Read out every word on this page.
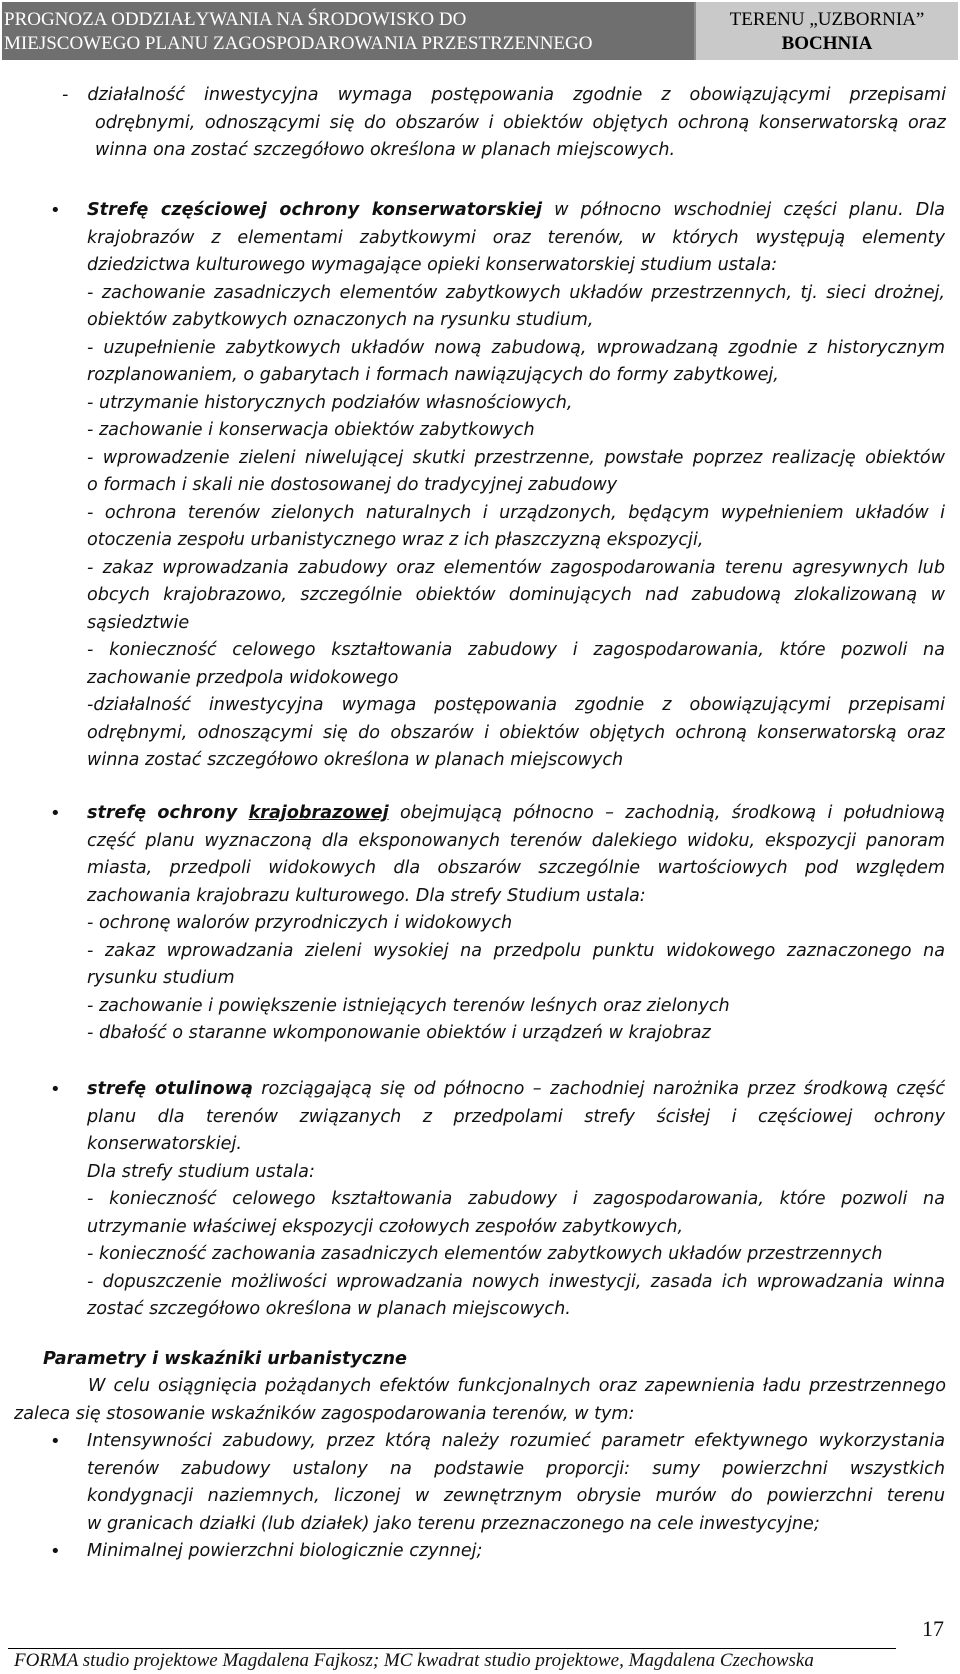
PROGNOZA ODDZIAŁYWANIA NA ŚRODOWISKO DO
MIEJSCOWEGO PLANU ZAGOSPODAROWANIA PRZESTRZENNEGO
TERENU „UZBORNIA”
BOCHNIA
- działalność inwestycyjna wymaga postępowania zgodnie z obowiązującymi przepisami
odrębnymi, odnoszącymi się do obszarów i obiektów objętych ochroną konserwatorską oraz
winna ona zostać szczegółowo określona w planach miejscowych.
• Strefę częściowej ochrony konserwatorskiej w północno wschodniej części planu. Dla
krajobrazów z elementami zabytkowymi oraz terenów, w których występują elementy
dziedzictwa kulturowego wymagające opieki konserwatorskiej studium ustala:
- zachowanie zasadniczych elementów zabytkowych układów przestrzennych, tj. sieci drożnej,
obiektów zabytkowych oznaczonych na rysunku studium,
- uzupełnienie zabytkowych układów nową zabudową, wprowadzaną zgodnie z historycznym
rozplanowaniem, o gabarytach i formach nawiązujących do formy zabytkowej,
- utrzymanie historycznych podziałów własnościowych,
- zachowanie i konserwacja obiektów zabytkowych
- wprowadzenie zieleni niwelującej skutki przestrzenne, powstałe poprzez realizację obiektów
o formach i skali nie dostosowanej do tradycyjnej zabudowy
- ochrona terenów zielonych naturalnych i urządzonych, będącym wypełnieniem układów i
otoczenia zespołu urbanistycznego wraz z ich płaszczyzną ekspozycji,
- zakaz wprowadzania zabudowy oraz elementów zagospodarowania terenu agresywnych lub
obcych krajobrazowo, szczególnie obiektów dominujących nad zabudową zlokalizowaną w
sąsiedztwie
- konieczność celowego kształtowania zabudowy i zagospodarowania, które pozwoli na
zachowanie przedpola widokowego
-działalność inwestycyjna wymaga postępowania zgodnie z obowiązującymi przepisami
odrębnymi, odnoszącymi się do obszarów i obiektów objętych ochroną konserwatorską oraz
winna zostać szczegółowo określona w planach miejscowych
• strefę ochrony krajobrazowej obejmującą północno – zachodnią, środkową i południową
część planu wyznaczoną dla eksponowanych terenów dalekiego widoku, ekspozycji panoram
miasta, przedpoli widokowych dla obszarów szczególnie wartościowych pod względem
zachowania krajobrazu kulturowego. Dla strefy Studium ustala:
- ochronę walorów przyrodniczych i widokowych
- zakaz wprowadzania zieleni wysokiej na przedpolu punktu widokowego zaznaczonego na
rysunku studium
- zachowanie i powiększenie istniejących terenów leśnych oraz zielonych
- dbałość o staranne wkomponowanie obiektów i urządzeń w krajobraz
• strefę otulinową rozciągającą się od północno – zachodniej narożnika przez środkową część
planu dla terenów związanych z przedpolami strefy ścisłej i częściowej ochrony
konserwatorskiej.
Dla strefy studium ustala:
- konieczność celowego kształtowania zabudowy i zagospodarowania, które pozwoli na
utrzymanie właściwej ekspozycji czołowych zespołów zabytkowych,
- konieczność zachowania zasadniczych elementów zabytkowych układów przestrzennych
- dopuszczenie możliwości wprowadzania nowych inwestycji, zasada ich wprowadzania winna
zostać szczegółowo określona w planach miejscowych.
Parametry i wskaźniki urbanistyczne
W celu osiągnięcia pożądanych efektów funkcjonalnych oraz zapewnienia ładu przestrzennego
zaleca się stosowanie wskaźników zagospodarowania terenów, w tym:
• Intensywności zabudowy, przez którą należy rozumieć parametr efektywnego wykorzystania
terenów zabudowy ustalony na podstawie proporcji: sumy powierzchni wszystkich
kondygnacji naziemnych, liczonej w zewnętrznym obrysie murów do powierzchni terenu
w granicach działki (lub działek) jako terenu przeznaczonego na cele inwestycyjne;
• Minimalnej powierzchni biologicznie czynnej;
17
FORMA studio projektowe Magdalena Fajkosz; MC kwadrat studio projektowe, Magdalena Czechowska
